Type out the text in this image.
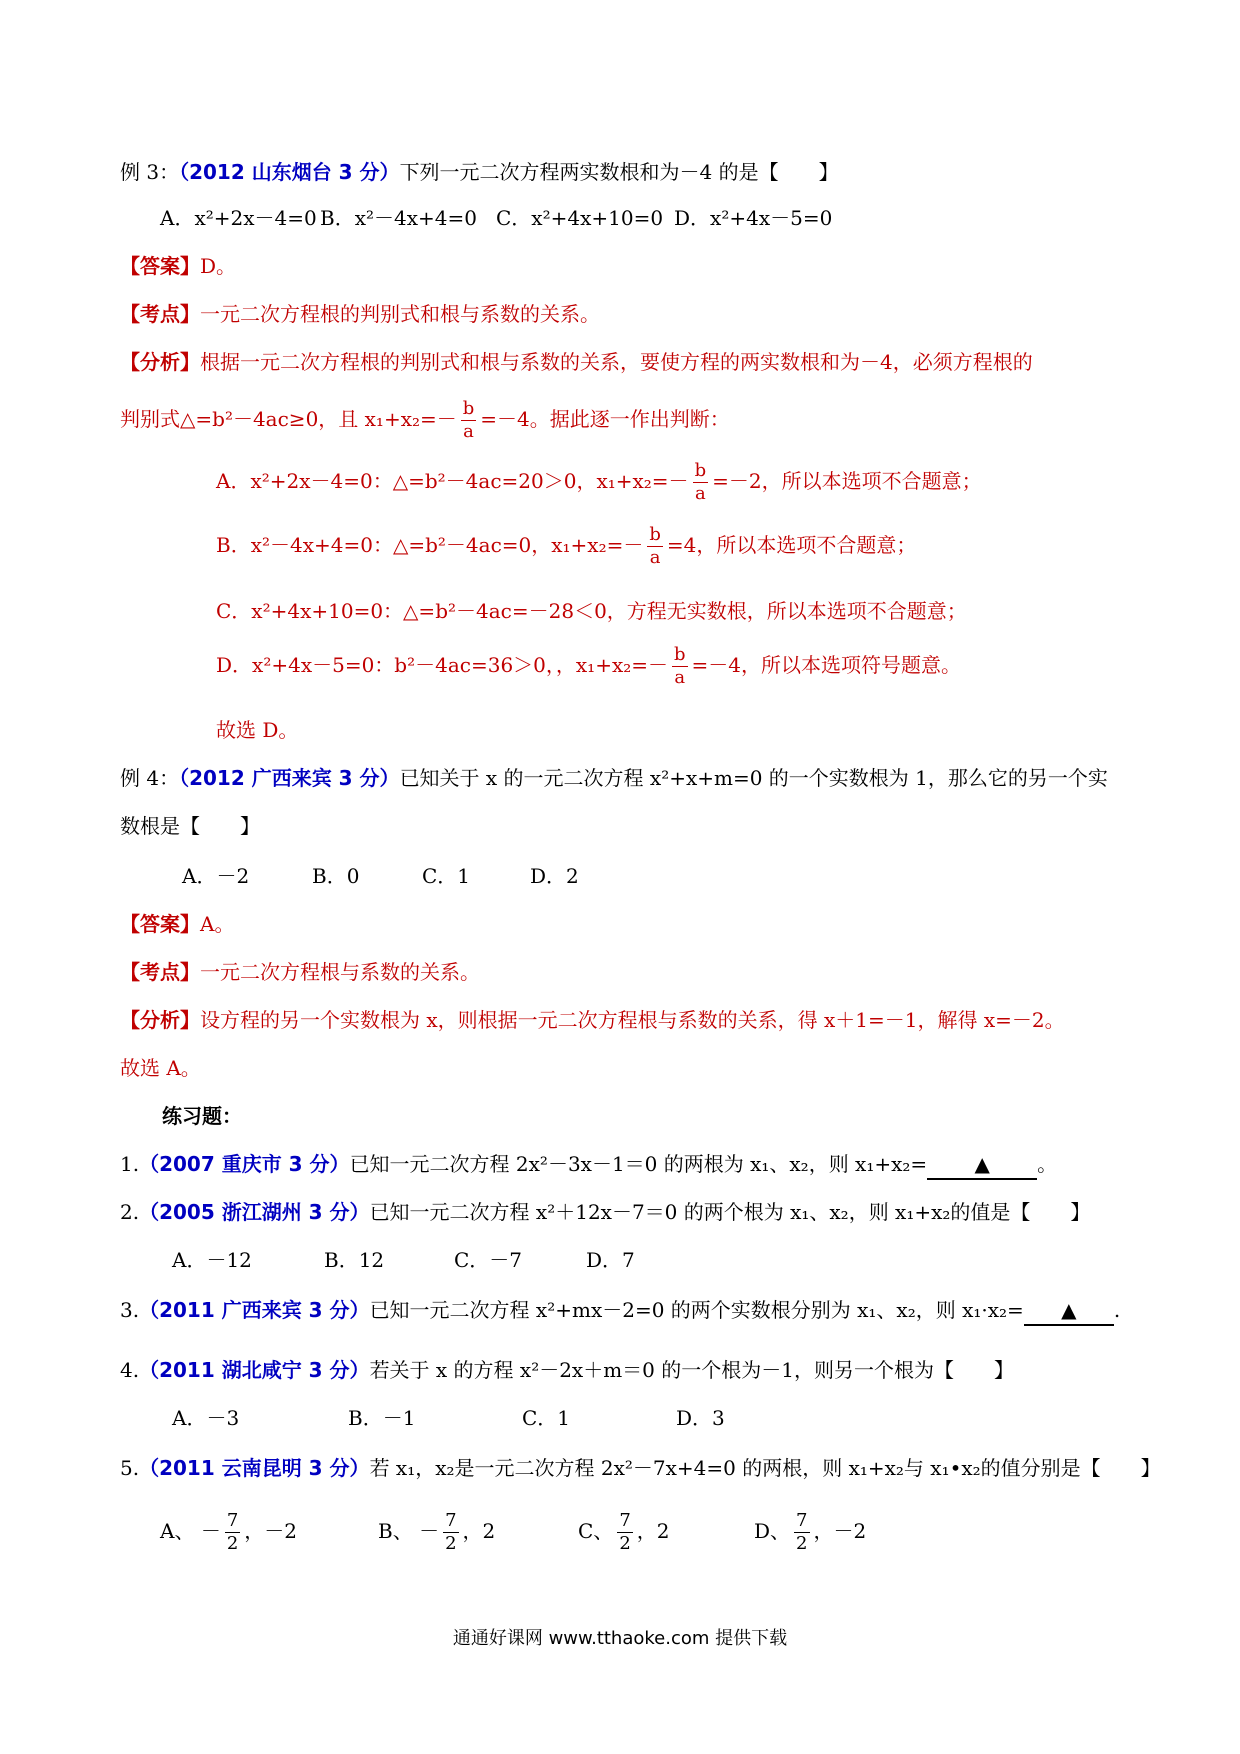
例 3：（2012 山东烟台 3 分）下列一元二次方程两实数根和为－4 的是【　　】
A．x²+2x－4=0 B．x²－4x+4=0 C．x²+4x+10=0 D．x²+4x－5=0
【答案】D。
【考点】一元二次方程根的判别式和根与系数的关系。
【分析】根据一元二次方程根的判别式和根与系数的关系，要使方程的两实数根和为－4，必须方程根的
判别式△=b²－4ac≥0，且 $x_1+x_2=- \frac{b}{a} =-4$。据此逐一作出判断：
A．x²+2x－4=0：△=b²－4ac=20＞0，$x_1+x_2=- \frac{b}{a} =-2$，所以本选项不合题意；
B．x²－4x+4=0：△=b²－4ac=0，$x_1+x_2=- \frac{b}{a} =4$，所以本选项不合题意；
C．x²+4x+10=0：△=b²－4ac=－28＜0，方程无实数根，所以本选项不合题意；
D．x²+4x－5=0：b²－4ac=36＞0，，$x_1+x_2=- \frac{b}{a} =-4$，所以本选项符号题意。
故选 D。
例 4：（2012 广西来宾 3 分）已知关于 x 的一元二次方程 x²+x+m=0 的一个实数根为 1，那么它的另一个实
数根是【　　】
A．－2	B．0	C．1	D．2
【答案】A。
【考点】一元二次方程根与系数的关系。
【分析】设方程的另一个实数根为 x，则根据一元二次方程根与系数的关系，得 x＋1=－1，解得 x=－2。
故选 A。
练习题：
1.（2007 重庆市 3 分）已知一元二次方程 2x²－3x－1＝0 的两根为 x₁、x₂，则 x₁+x₂= ▲ 。
2.（2005 浙江湖州 3 分）已知一元二次方程 x²＋12x－7＝0 的两个根为 x₁、x₂，则 x₁+x₂的值是【　　】
A．－12	B．12	C．－7	D．7
3.（2011 广西来宾 3 分）已知一元二次方程 x²+mx－2=0 的两个实数根分别为 x₁、x₂，则 x₁·x₂= ▲ .
4.（2011 湖北咸宁 3 分）若关于 x 的方程 x²－2x＋m＝0 的一个根为－1，则另一个根为【　　】
A．－3	B．－1	C．1	D．3
5.（2011 云南昆明 3 分）若 x₁，x₂是一元二次方程 2x²－7x+4=0 的两根，则 x₁+x₂与 x₁•x₂的值分别是【　　】
A、 － $\frac{7}{2}$ ，－2	B、 － $\frac{7}{2}$ ，2	C、 $\frac{7}{2}$ ，2	D、 $\frac{7}{2}$ ，－2
通通好课网 www.tthaoke.com 提供下载
